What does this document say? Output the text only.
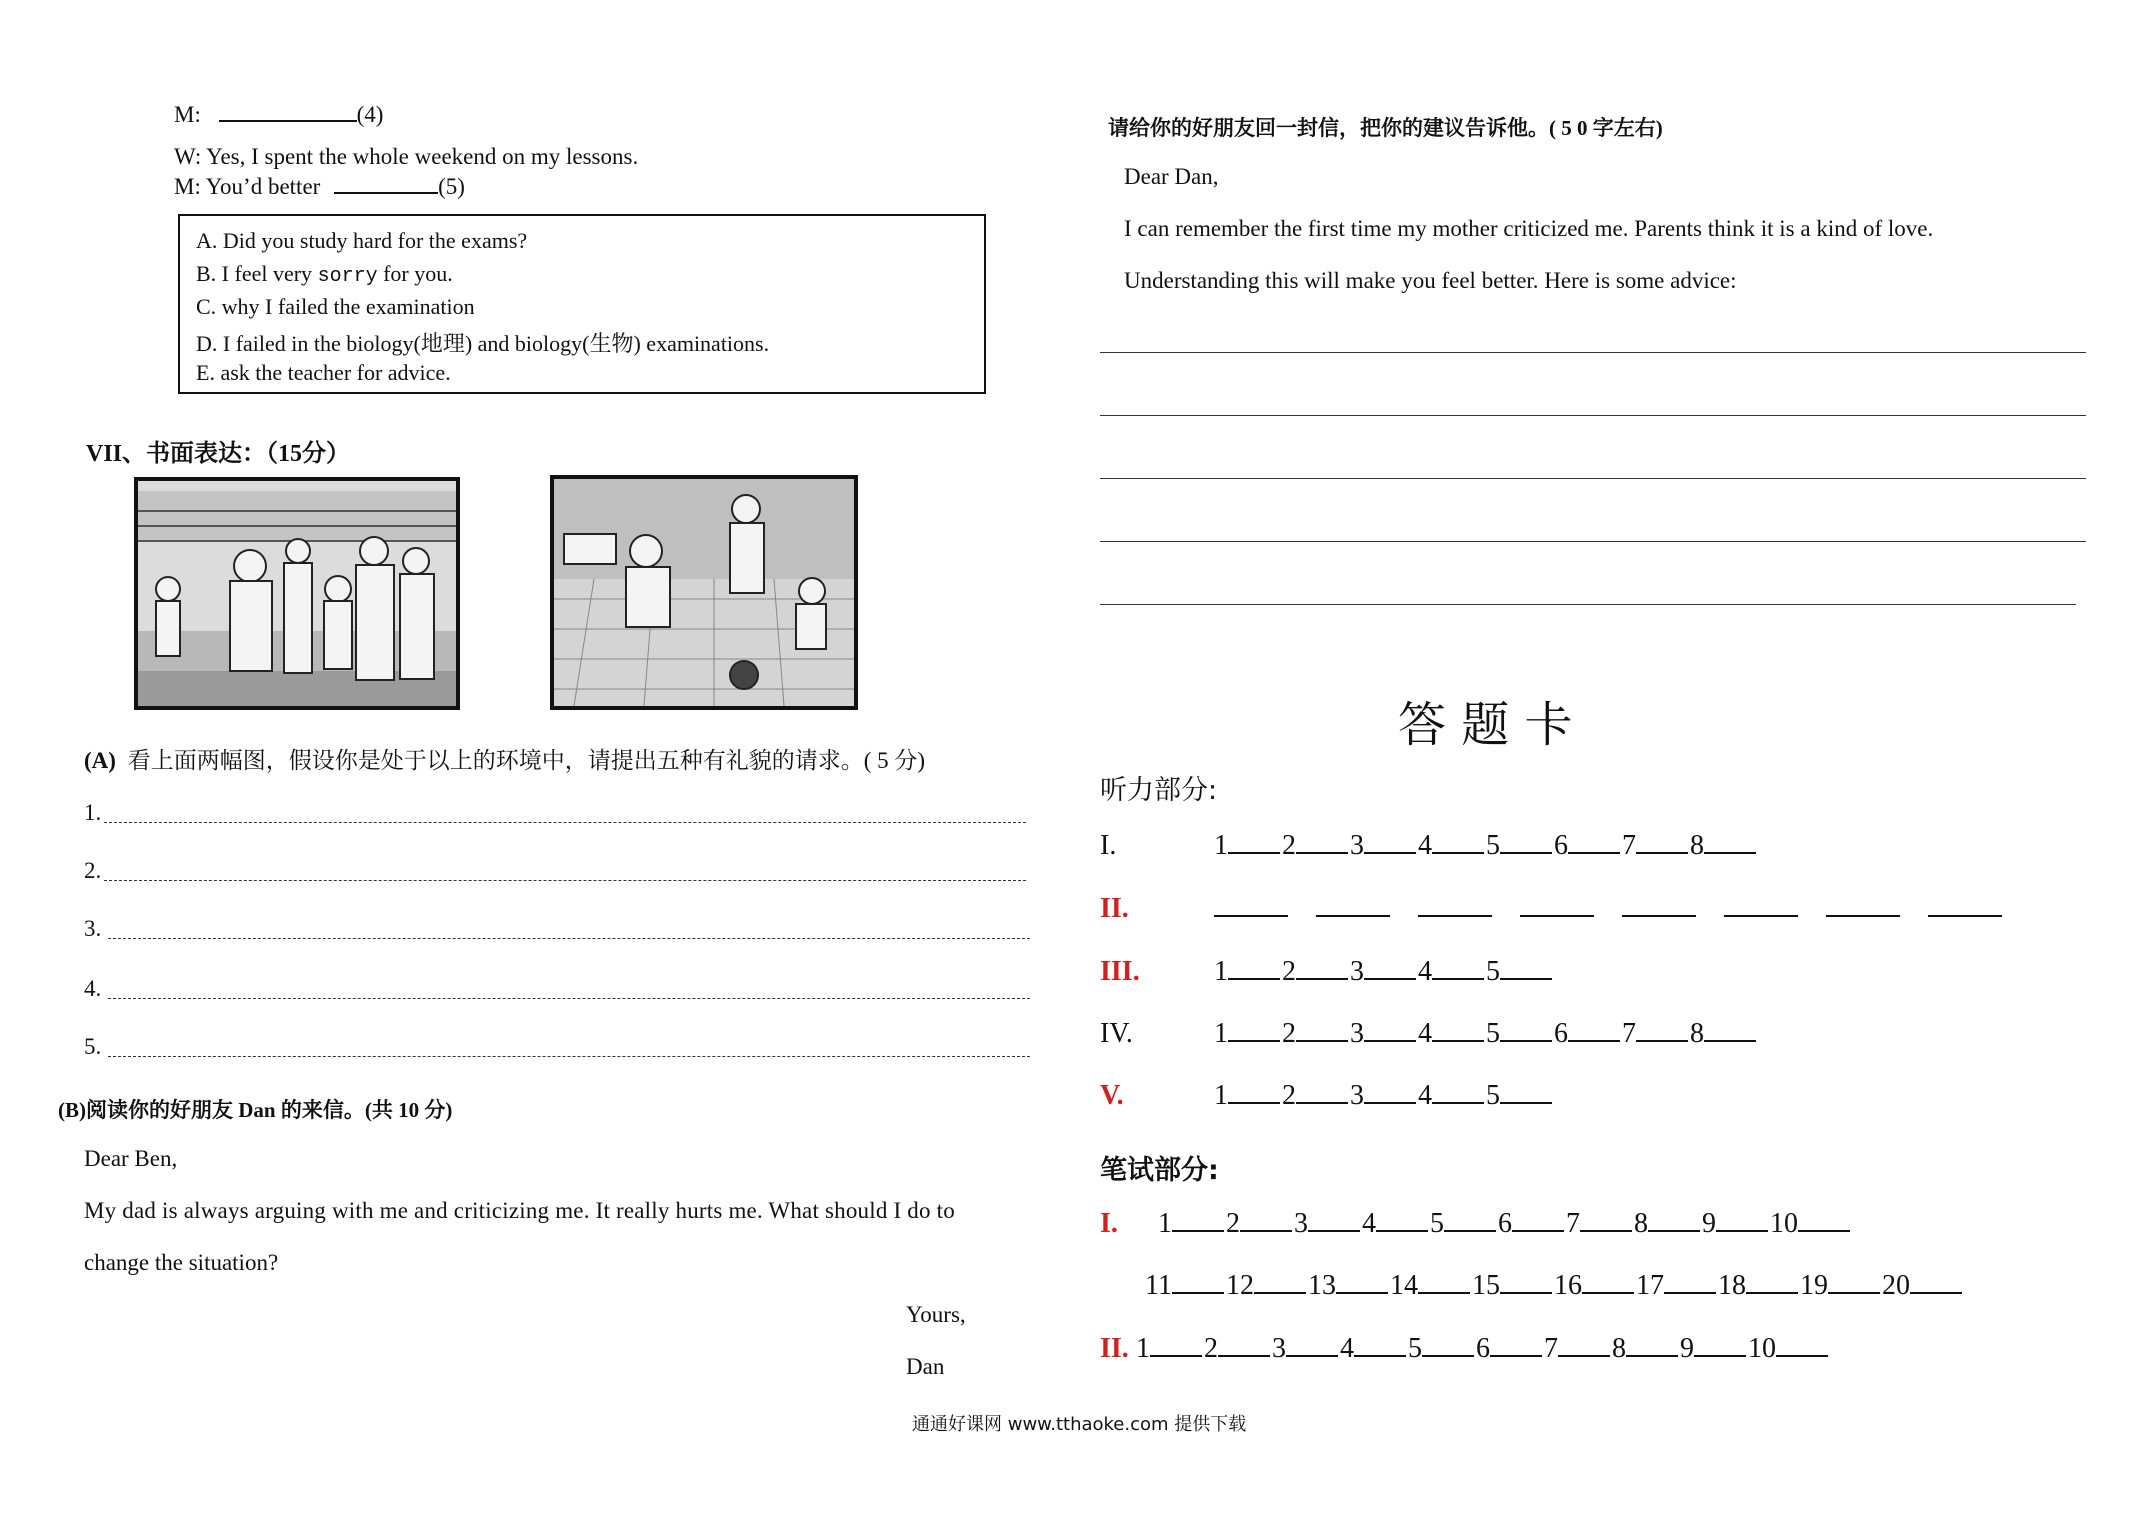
M:	(4)
W: Yes, I spent the whole weekend on my lessons.
M: You’d better	(5)
A. Did you study hard for the exams?
B. I feel very sorry for you.
C. why I failed the examination
D. I failed in the biology(地理) and biology(生物) examinations.
E. ask the teacher for advice.
VII、书面表达：（15分）
(A) 看上面两幅图，假设你是处于以上的环境中，请提出五种有礼貌的请求。( 5 分)
1.
2.
3.
4.
5.
(B)阅读你的好朋友 Dan 的来信。(共 10 分)
Dear Ben,
My dad is always arguing with me and criticizing me. It really hurts me. What should I do to
change the situation?
Yours,
Dan
请给你的好朋友回一封信，把你的建议告诉他。( 5 0 字左右)
Dear Dan,
I can remember the first time my mother criticized me. Parents think it is a kind of love.
Understanding this will make you feel better. Here is some advice:
答 题 卡
听力部分:
I.	1 2 3 4 5 6 7 8
II.
III.	1 2 3 4 5
IV.	1 2 3 4 5 6 7 8
V.	1 2 3 4 5
笔试部分:
I. 1 2 3 4 5 6 7 8 9 10
11 12 13 14 15 16 17 18 19 20
II. 1 2 3 4 5 6 7 8 9 10
通通好课网 www.tthaoke.com 提供下载
